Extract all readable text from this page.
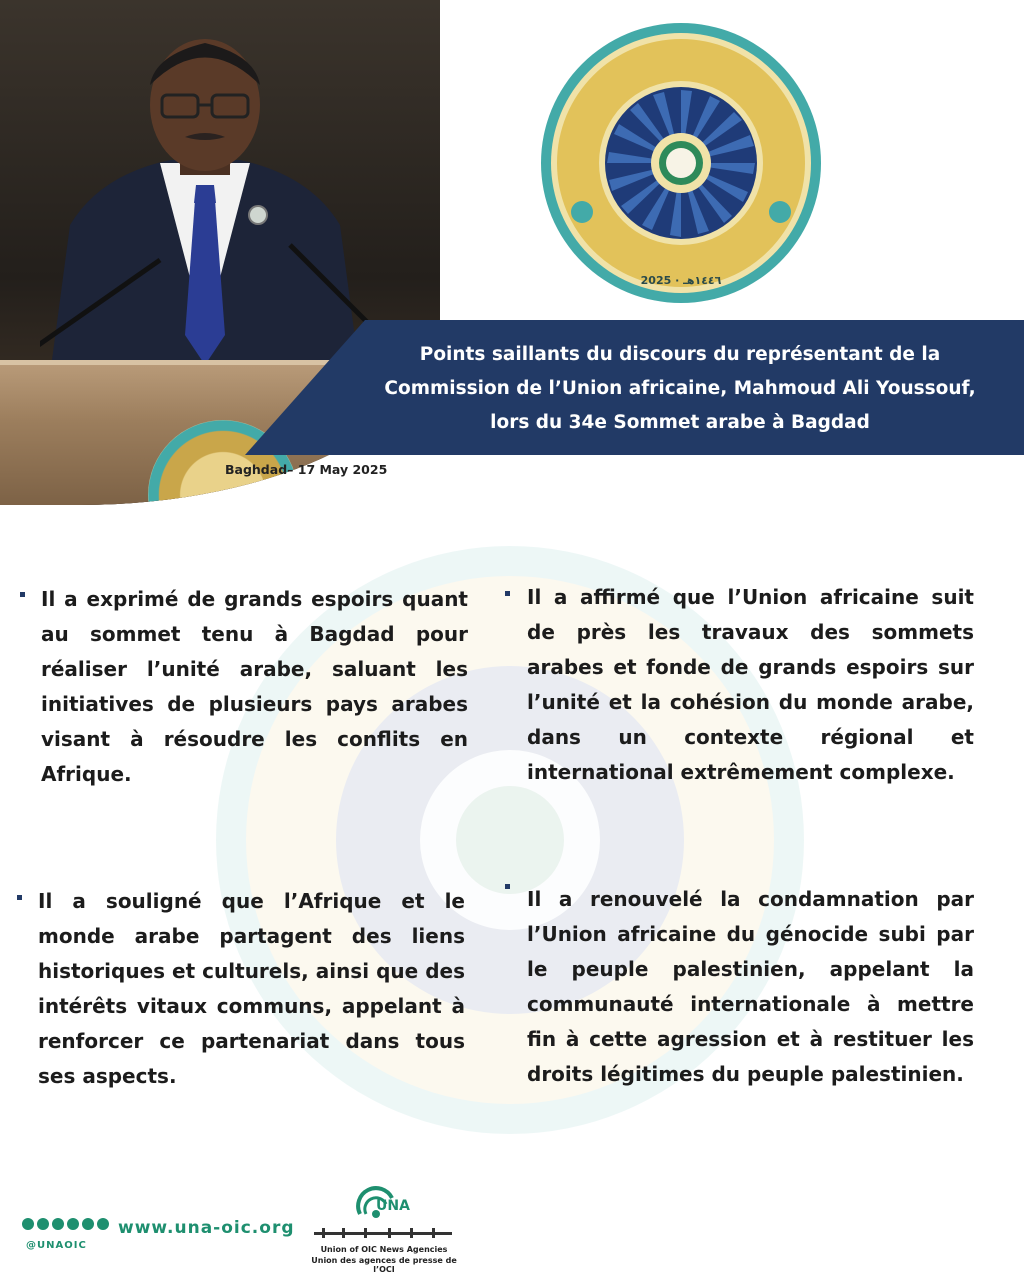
2025 · ١٤٤٦هـ
Points saillants du discours du représentant de la Commission de l’Union africaine, Mahmoud Ali Youssouf, lors du 34e Sommet arabe à Bagdad
Baghdad– 17 May 2025
Il a exprimé de grands espoirs quant au sommet tenu à Bagdad pour réaliser l’unité arabe, saluant les initiatives de plusieurs pays arabes visant à résoudre les conflits en Afrique.
Il a affirmé que l’Union africaine suit de près les travaux des sommets arabes et fonde de grands espoirs sur l’unité et la cohésion du monde arabe, dans un contexte régional et international extrêmement complexe.
Il a souligné que l’Afrique et le monde arabe partagent des liens historiques et culturels, ainsi que des intérêts vitaux communs, appelant à renforcer ce partenariat dans tous ses aspects.
Il a renouvelé la condamnation par l’Union africaine du génocide subi par le peuple palestinien, appelant la communauté internationale à mettre fin à cette agression et à restituer les droits légitimes du peuple palestinien.
@UNAOIC
www.una-oic.org
UNA
Union of OIC News Agencies
Union des agences de presse de l’OCI
